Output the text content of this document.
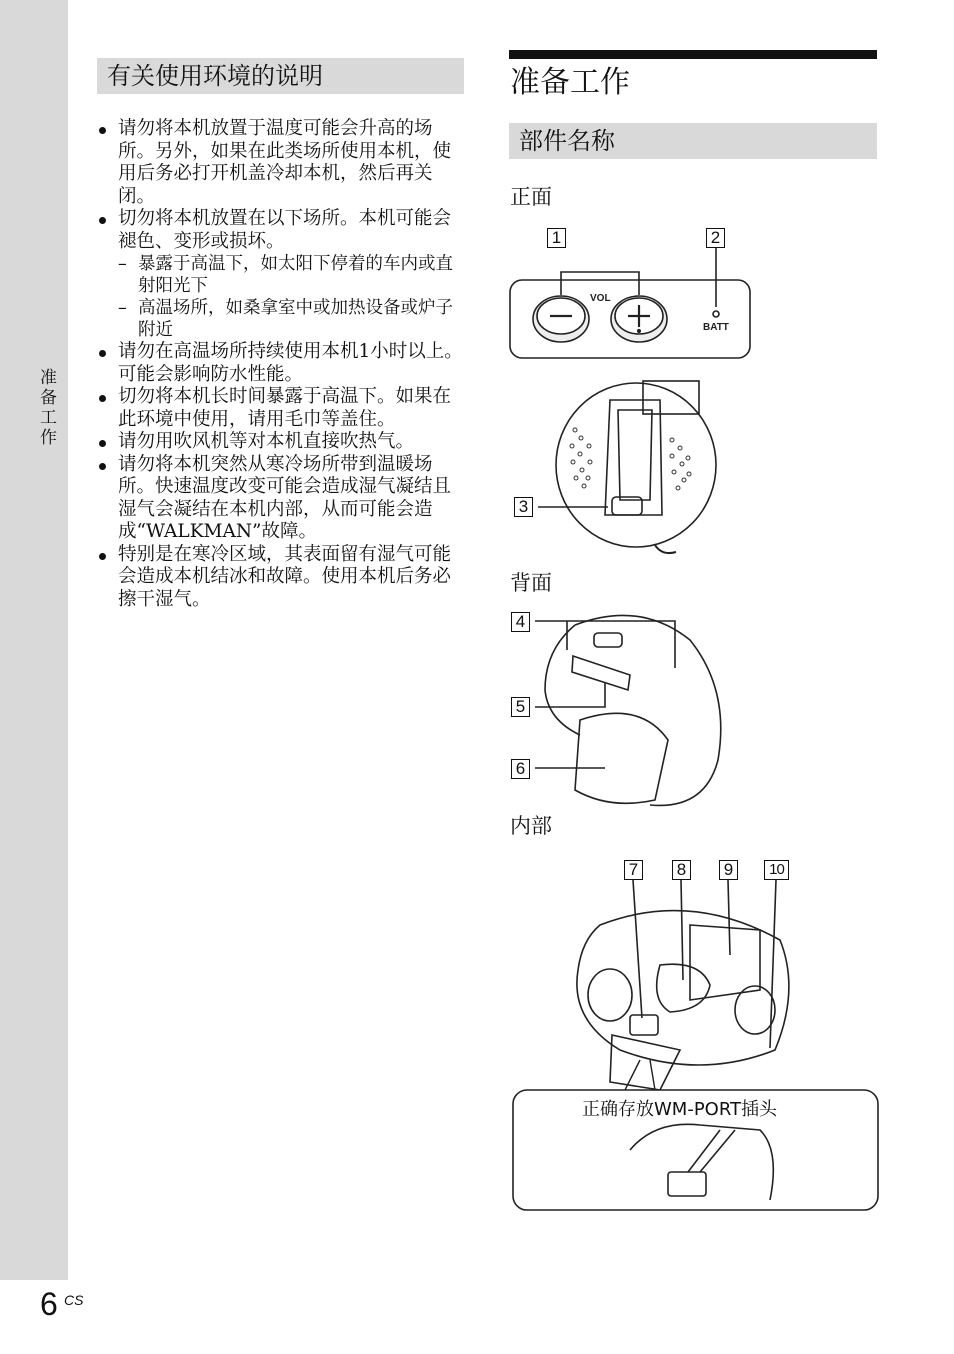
准备工作
6 CS
有关使用环境的说明
请勿将本机放置于温度可能会升高的场所。另外，如果在此类场所使用本机，使用后务必打开机盖冷却本机，然后再关闭。
切勿将本机放置在以下场所。本机可能会褪色、变形或损坏。
– 暴露于高温下，如太阳下停着的车内或直射阳光下
– 高温场所，如桑拿室中或加热设备或炉子附近
请勿在高温场所持续使用本机1小时以上。可能会影响防水性能。
切勿将本机长时间暴露于高温下。如果在此环境中使用，请用毛巾等盖住。
请勿用吹风机等对本机直接吹热气。
请勿将本机突然从寒冷场所带到温暖场所。快速温度改变可能会造成湿气凝结且湿气会凝结在本机内部，从而可能会造成“WALKMAN”故障。
特别是在寒冷区域，其表面留有湿气可能会造成本机结冰和故障。使用本机后务必擦干湿气。
准备工作
部件名称
正面
背面
内部
VOL
BATT
1	2
3
4
5
6
7 8 9	10
正确存放WM-PORT插头
